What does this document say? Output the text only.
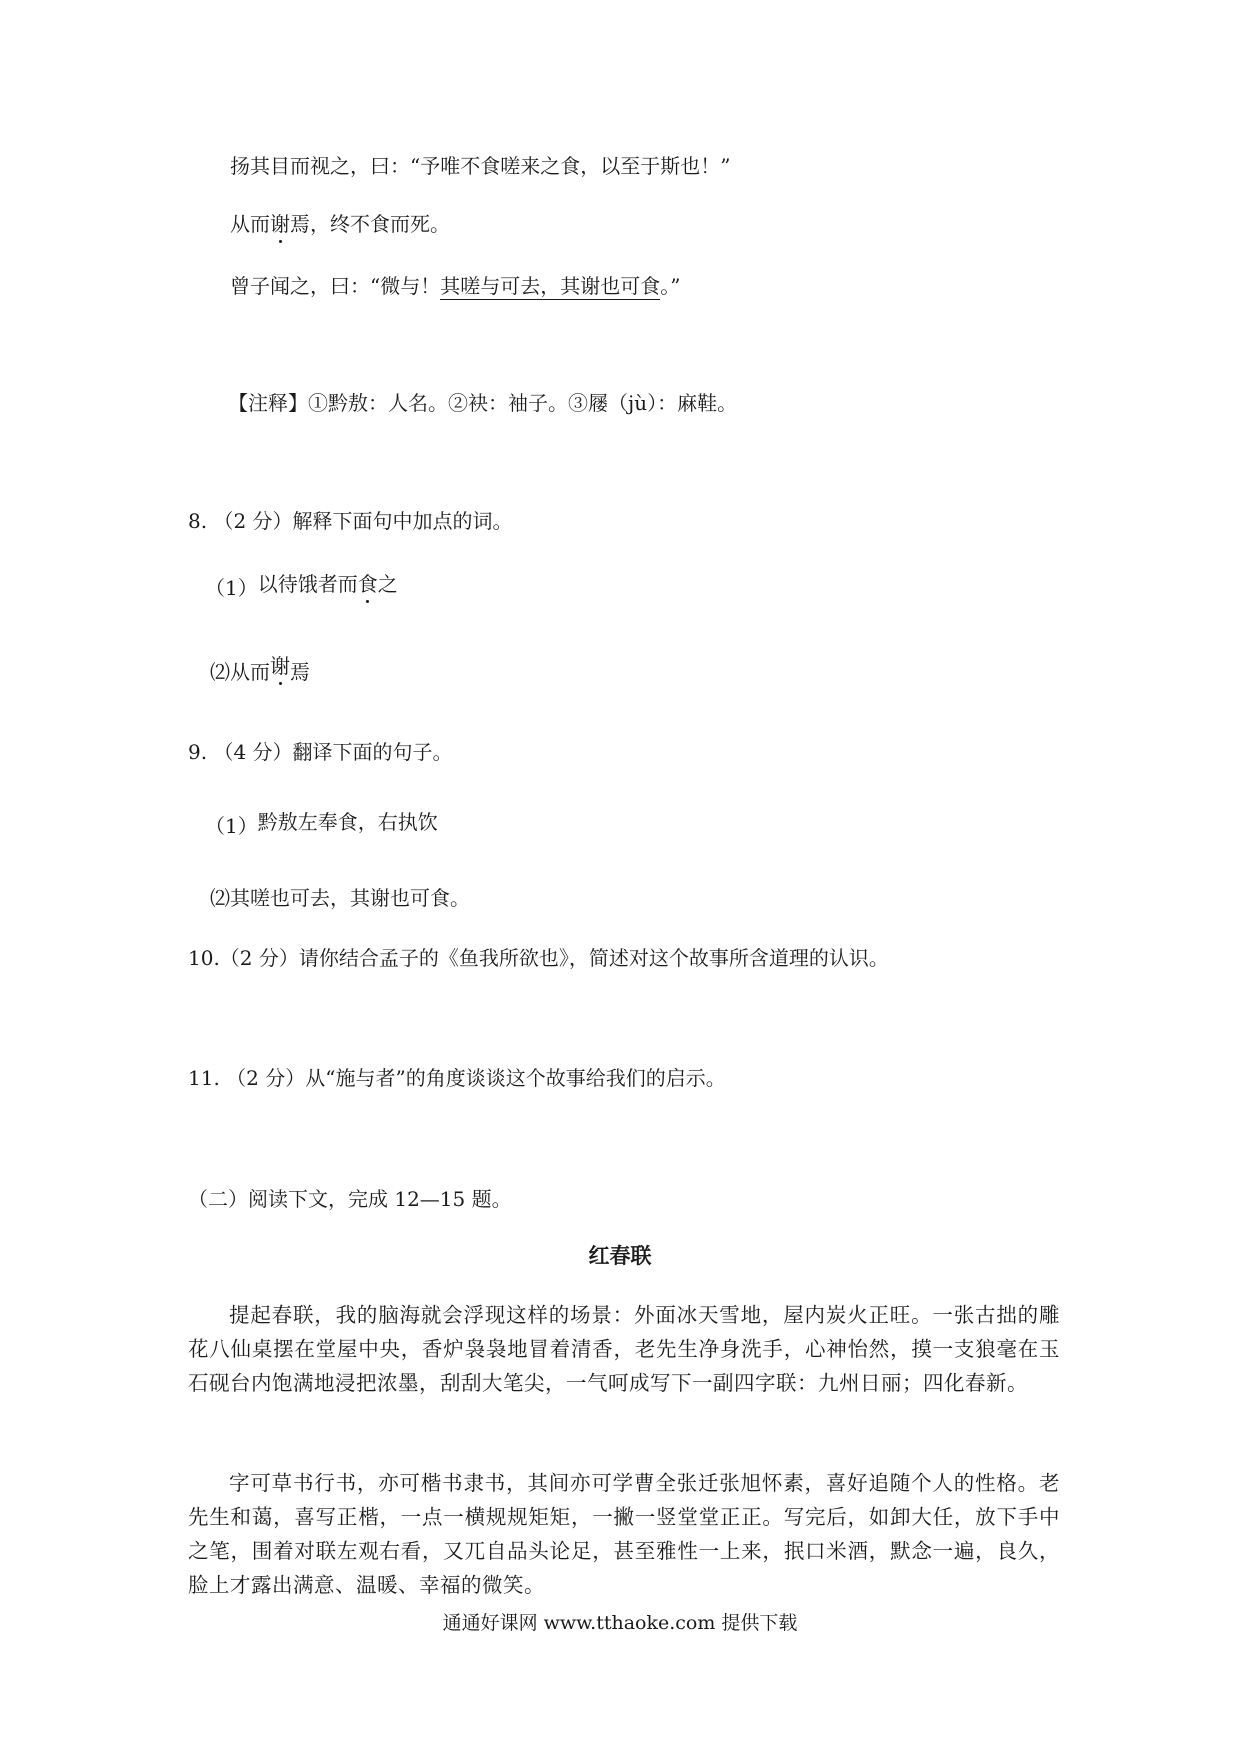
扬其目而视之，曰：“予唯不食嗟来之食，以至于斯也！”
从而谢焉，终不食而死。
曾子闻之，曰：“微与！其嗟与可去，其谢也可食。”
【注释】①黔敖：人名。②袂：袖子。③屦（jù）：麻鞋。
8. （2 分）解释下面句中加点的词。
（1）以待饿者而食之
⑵从而谢焉
9. （4 分）翻译下面的句子。
（1）黔敖左奉食，右执饮
⑵其嗟也可去，其谢也可食。
10.（2 分）请你结合孟子的《鱼我所欲也》，简述对这个故事所含道理的认识。
11. （2 分）从“施与者”的角度谈谈这个故事给我们的启示。
（二）阅读下文，完成 12—15 题。
红春联
提起春联，我的脑海就会浮现这样的场景：外面冰天雪地，屋内炭火正旺。一张古拙的雕花八仙桌摆在堂屋中央，香炉袅袅地冒着清香，老先生净身洗手，心神怡然，摸一支狼毫在玉石砚台内饱满地浸把浓墨，刮刮大笔尖，一气呵成写下一副四字联：九州日丽；四化春新。
字可草书行书，亦可楷书隶书，其间亦可学曹全张迁张旭怀素，喜好追随个人的性格。老先生和蔼，喜写正楷，一点一横规规矩矩，一撇一竖堂堂正正。写完后，如卸大任，放下手中之笔，围着对联左观右看，又兀自品头论足，甚至雅性一上来，抿口米酒，默念一遍，良久，脸上才露出满意、温暖、幸福的微笑。
通通好课网 www.tthaoke.com 提供下载
